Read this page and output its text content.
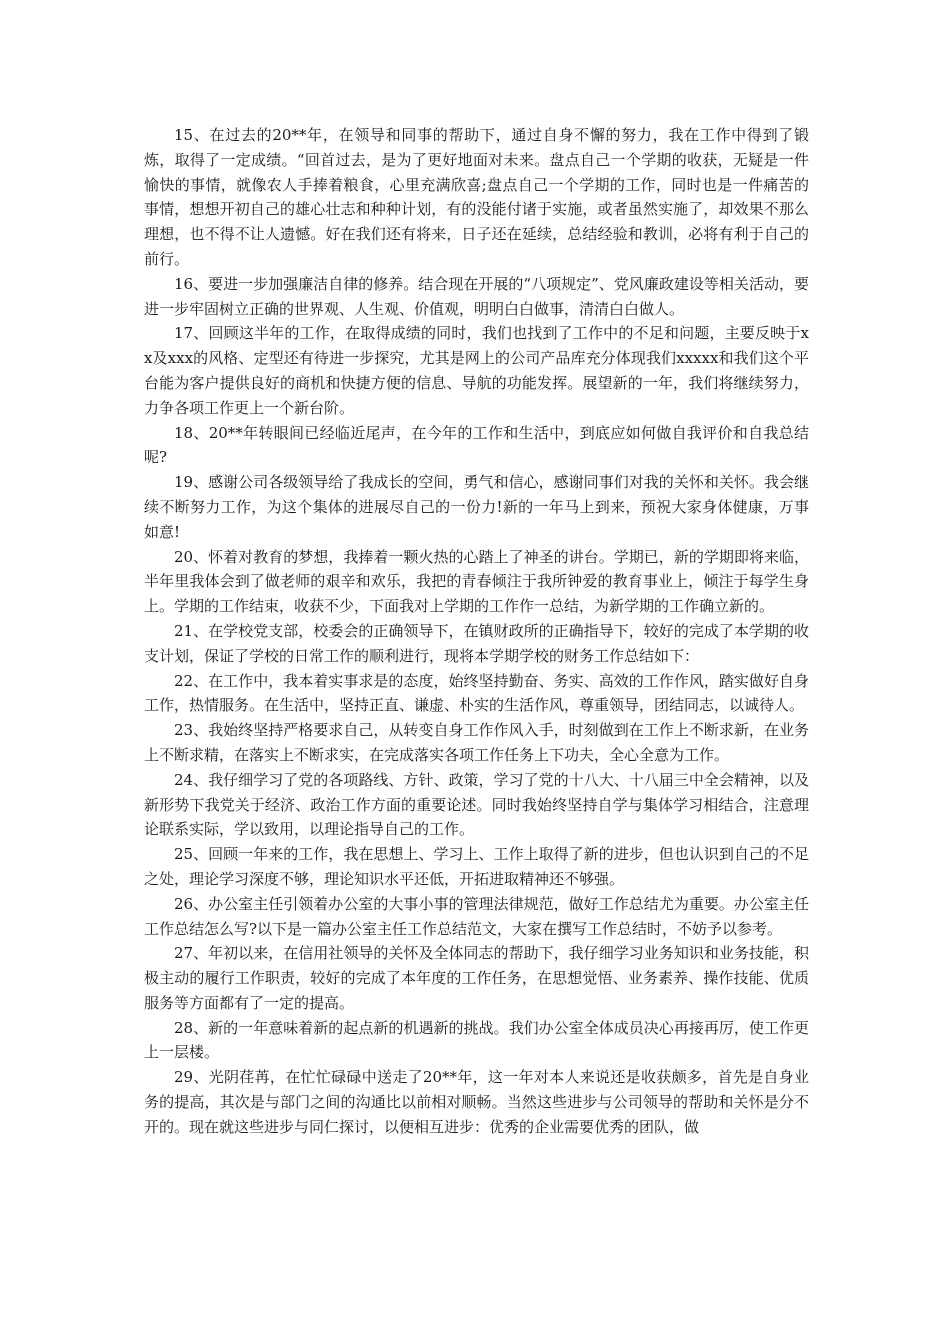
15、在过去的20**年，在领导和同事的帮助下，通过自身不懈的努力，我在工作中得到了锻炼，取得了一定成绩。“回首过去，是为了更好地面对未来。盘点自己一个学期的收获，无疑是一件愉快的事情，就像农人手捧着粮食，心里充满欣喜;盘点自己一个学期的工作，同时也是一件痛苦的事情，想想开初自己的雄心壮志和种种计划，有的没能付诸于实施，或者虽然实施了，却效果不那么理想，也不得不让人遗憾。好在我们还有将来，日子还在延续，总结经验和教训，必将有利于自己的前行。

16、要进一步加强廉洁自律的修养。结合现在开展的“八项规定”、党风廉政建设等相关活动，要进一步牢固树立正确的世界观、人生观、价值观，明明白白做事，清清白白做人。

17、回顾这半年的工作，在取得成绩的同时，我们也找到了工作中的不足和问题，主要反映于xx及xxx的风格、定型还有待进一步探究，尤其是网上的公司产品库充分体现我们xxxxx和我们这个平台能为客户提供良好的商机和快捷方便的信息、导航的功能发挥。展望新的一年，我们将继续努力，力争各项工作更上一个新台阶。

18、20**年转眼间已经临近尾声，在今年的工作和生活中，到底应如何做自我评价和自我总结呢?

19、感谢公司各级领导给了我成长的空间，勇气和信心，感谢同事们对我的关怀和关怀。我会继续不断努力工作，为这个集体的进展尽自己的一份力!新的一年马上到来，预祝大家身体健康，万事如意!

20、怀着对教育的梦想，我捧着一颗火热的心踏上了神圣的讲台。学期已，新的学期即将来临，半年里我体会到了做老师的艰辛和欢乐，我把的青春倾注于我所钟爱的教育事业上，倾注于每学生身上。学期的工作结束，收获不少，下面我对上学期的工作作一总结，为新学期的工作确立新的。

21、在学校党支部，校委会的正确领导下，在镇财政所的正确指导下，较好的完成了本学期的收支计划，保证了学校的日常工作的顺利进行，现将本学期学校的财务工作总结如下：

22、在工作中，我本着实事求是的态度，始终坚持勤奋、务实、高效的工作作风，踏实做好自身工作，热情服务。在生活中，坚持正直、谦虚、朴实的生活作风，尊重领导，团结同志，以诚待人。

23、我始终坚持严格要求自己，从转变自身工作作风入手，时刻做到在工作上不断求新，在业务上不断求精，在落实上不断求实，在完成落实各项工作任务上下功夫，全心全意为工作。

24、我仔细学习了党的各项路线、方针、政策，学习了党的十八大、十八届三中全会精神，以及新形势下我党关于经济、政治工作方面的重要论述。同时我始终坚持自学与集体学习相结合，注意理论联系实际，学以致用，以理论指导自己的工作。

25、回顾一年来的工作，我在思想上、学习上、工作上取得了新的进步，但也认识到自己的不足之处，理论学习深度不够，理论知识水平还低，开拓进取精神还不够强。

26、办公室主任引领着办公室的大事小事的管理法律规范，做好工作总结尤为重要。办公室主任工作总结怎么写?以下是一篇办公室主任工作总结范文，大家在撰写工作总结时，不妨予以参考。

27、年初以来，在信用社领导的关怀及全体同志的帮助下，我仔细学习业务知识和业务技能，积极主动的履行工作职责，较好的完成了本年度的工作任务，在思想觉悟、业务素养、操作技能、优质服务等方面都有了一定的提高。

28、新的一年意味着新的起点新的机遇新的挑战。我们办公室全体成员决心再接再厉，使工作更上一层楼。

29、光阴荏苒，在忙忙碌碌中送走了20**年，这一年对本人来说还是收获颇多，首先是自身业务的提高，其次是与部门之间的沟通比以前相对顺畅。当然这些进步与公司领导的帮助和关怀是分不开的。现在就这些进步与同仁探讨，以便相互进步：优秀的企业需要优秀的团队，做
